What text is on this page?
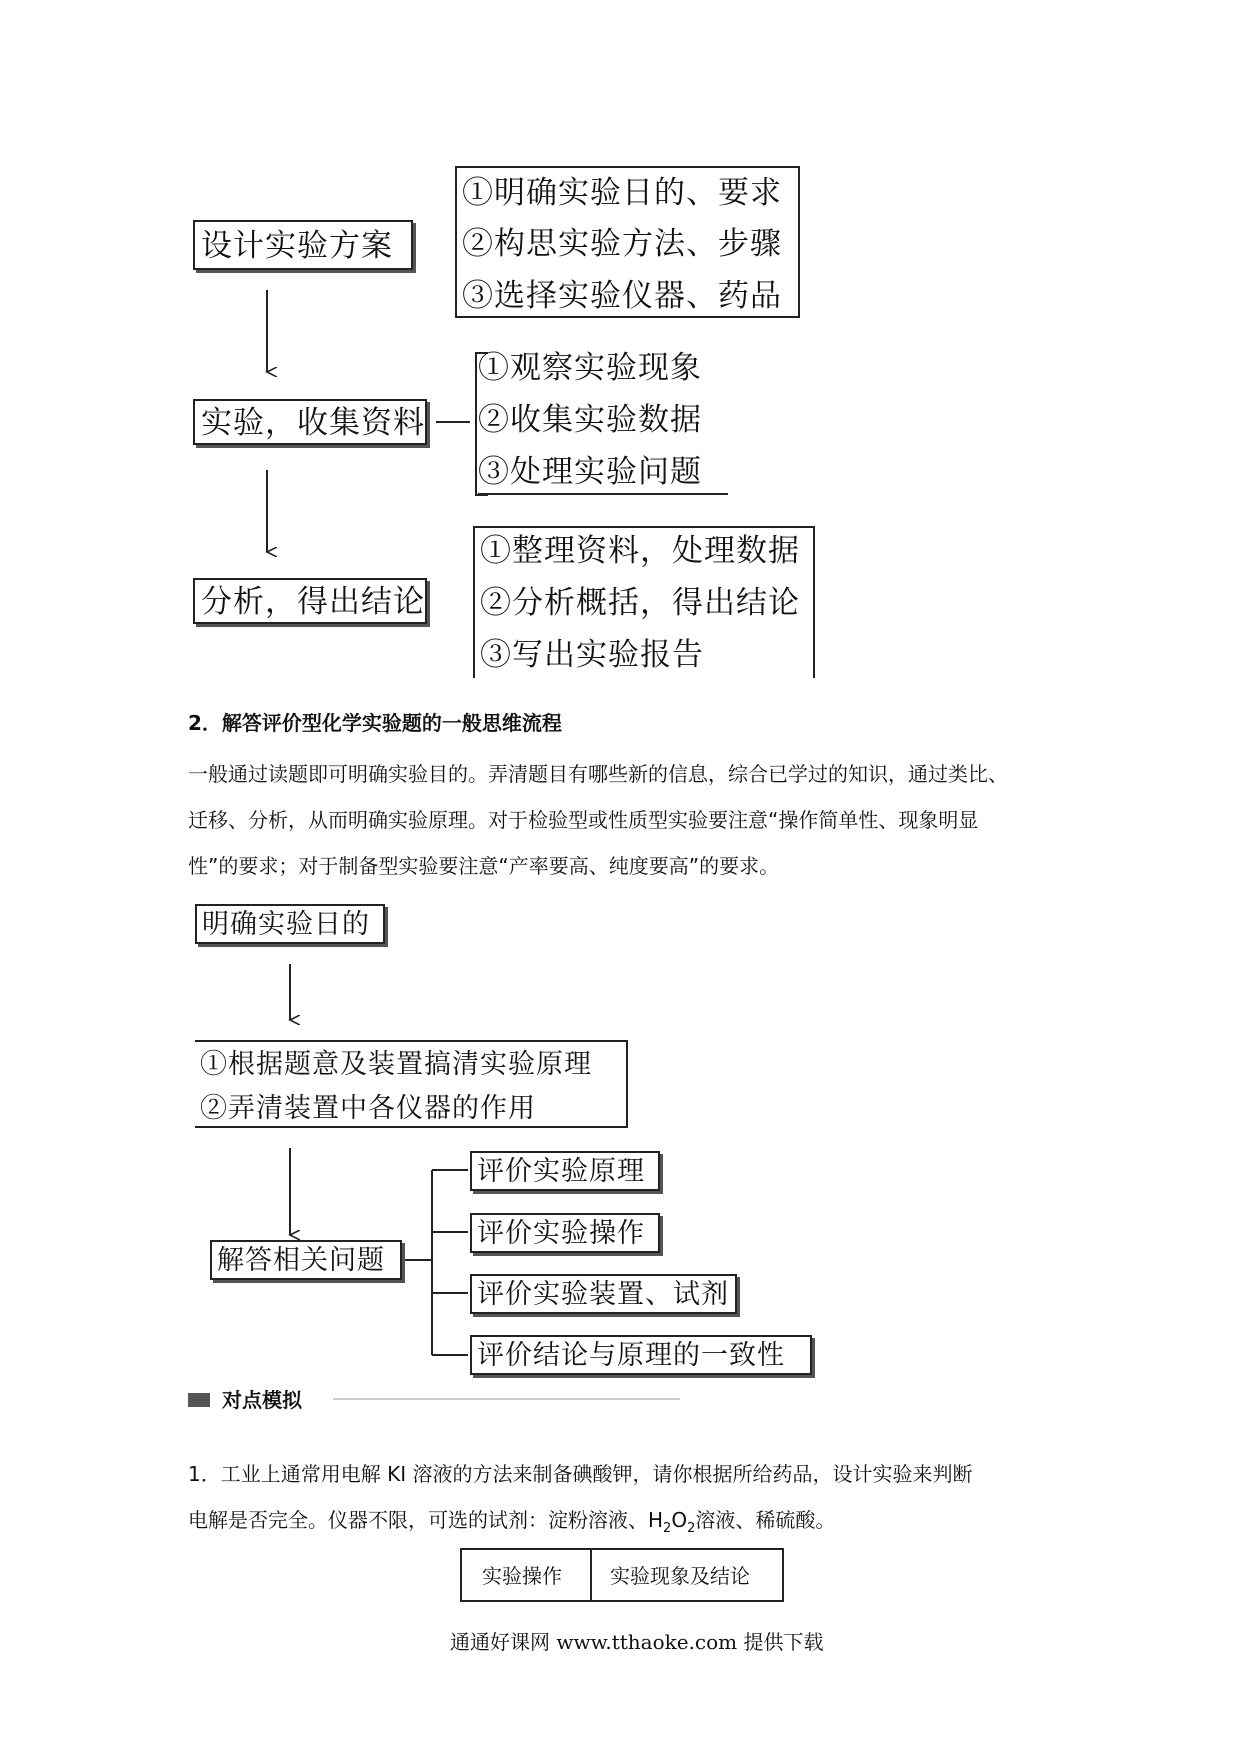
设计实验方案
①明确实验日的、要求
②构思实验方法、步骤
③选择实验仪器、药品
实验，收集资料
①观察实验现象
②收集实验数据
③处理实验问题
分析，得出结论
①整理资料，处理数据
②分析概括，得出结论
③写出实验报告
2．解答评价型化学实验题的一般思维流程
一般通过读题即可明确实验目的。弄清题目有哪些新的信息，综合已学过的知识，通过类比、
迁移、分析，从而明确实验原理。对于检验型或性质型实验要注意“操作简单性、现象明显
性”的要求；对于制备型实验要注意“产率要高、纯度要高”的要求。
明确实验日的
①根据题意及装置搞清实验原理
②弄清装置中各仪器的作用
解答相关问题
评价实验原理
评价实验操作
评价实验装置、试剂
评价结论与原理的一致性
对点模拟
1．工业上通常用电解 KI 溶液的方法来制备碘酸钾，请你根据所给药品，设计实验来判断
电解是否完全。仪器不限，可选的试剂：淀粉溶液、$H_2O_2$溶液、稀硫酸。
实验操作 实验现象及结论
通通好课网 www.tthaoke.com 提供下载
